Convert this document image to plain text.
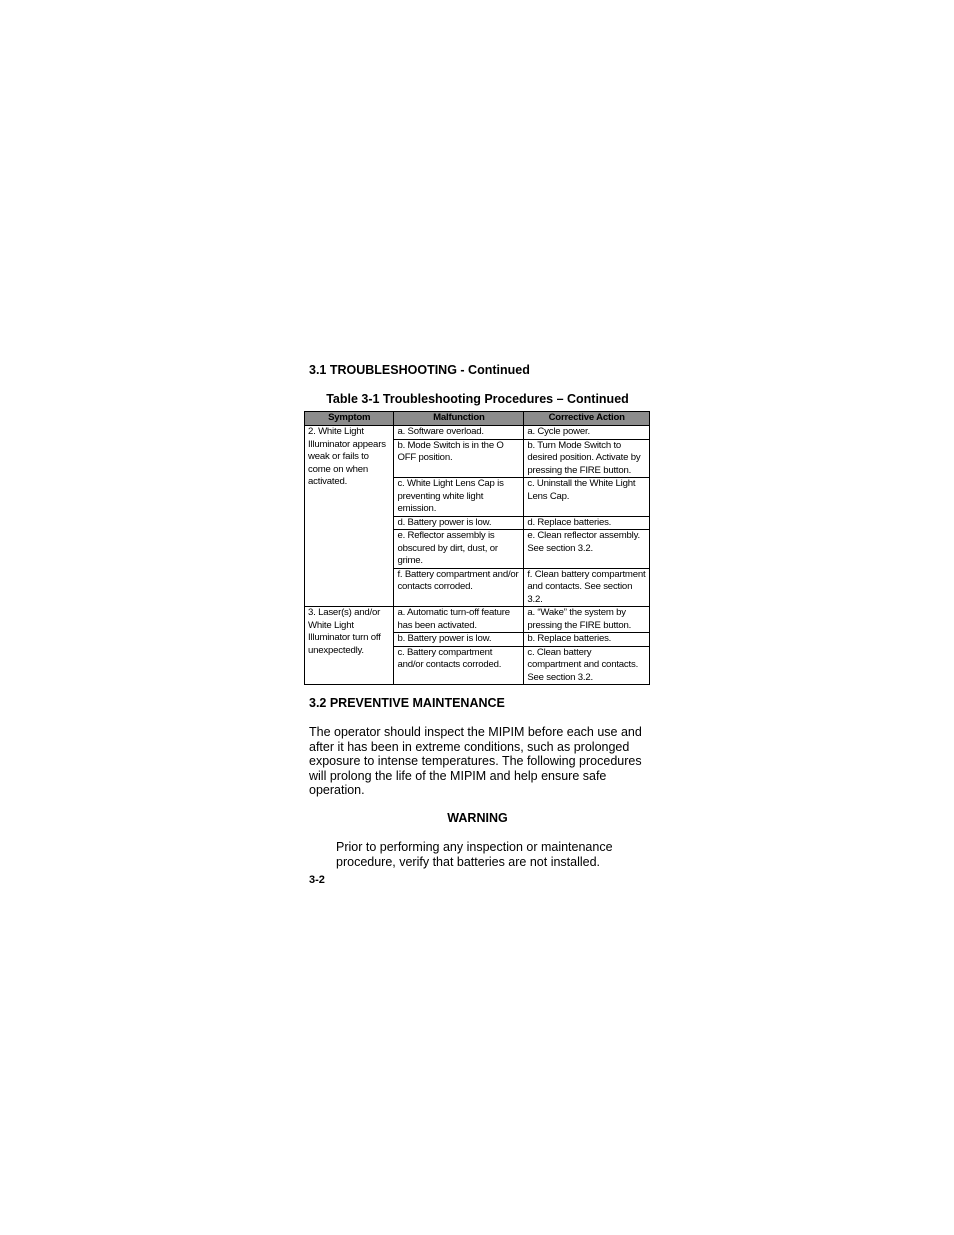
3.1 TROUBLESHOOTING - Continued
Table 3-1 Troubleshooting Procedures – Continued
Symptom	Malfunction	Corrective Action
2. White Light Illuminator appears weak or fails to come on when activated.	a. Software overload.	a. Cycle power.
	b. Mode Switch is in the O OFF position.	b. Turn Mode Switch to desired position. Activate by pressing the FIRE button.
	c. White Light Lens Cap is preventing white light emission.	c. Uninstall the White Light Lens Cap.
	d. Battery power is low.	d. Replace batteries.
	e. Reflector assembly is obscured by dirt, dust, or grime.	e. Clean reflector assembly. See section 3.2.
	f. Battery compartment and/or contacts corroded.	f. Clean battery compartment and contacts. See section 3.2.
3. Laser(s) and/or White Light Illuminator turn off unexpectedly.	a. Automatic turn-off feature has been activated.	a. “Wake” the system by pressing the FIRE button.
	b. Battery power is low.	b. Replace batteries.
	c. Battery compartment and/or contacts corroded.	c. Clean battery compartment and contacts. See section 3.2.
3.2 PREVENTIVE MAINTENANCE

The operator should inspect the MIPIM before each use and after it has been in extreme conditions, such as prolonged exposure to intense temperatures. The following procedures will prolong the life of the MIPIM and help ensure safe operation.

WARNING

Prior to performing any inspection or maintenance procedure, verify that batteries are not installed.

3-2
